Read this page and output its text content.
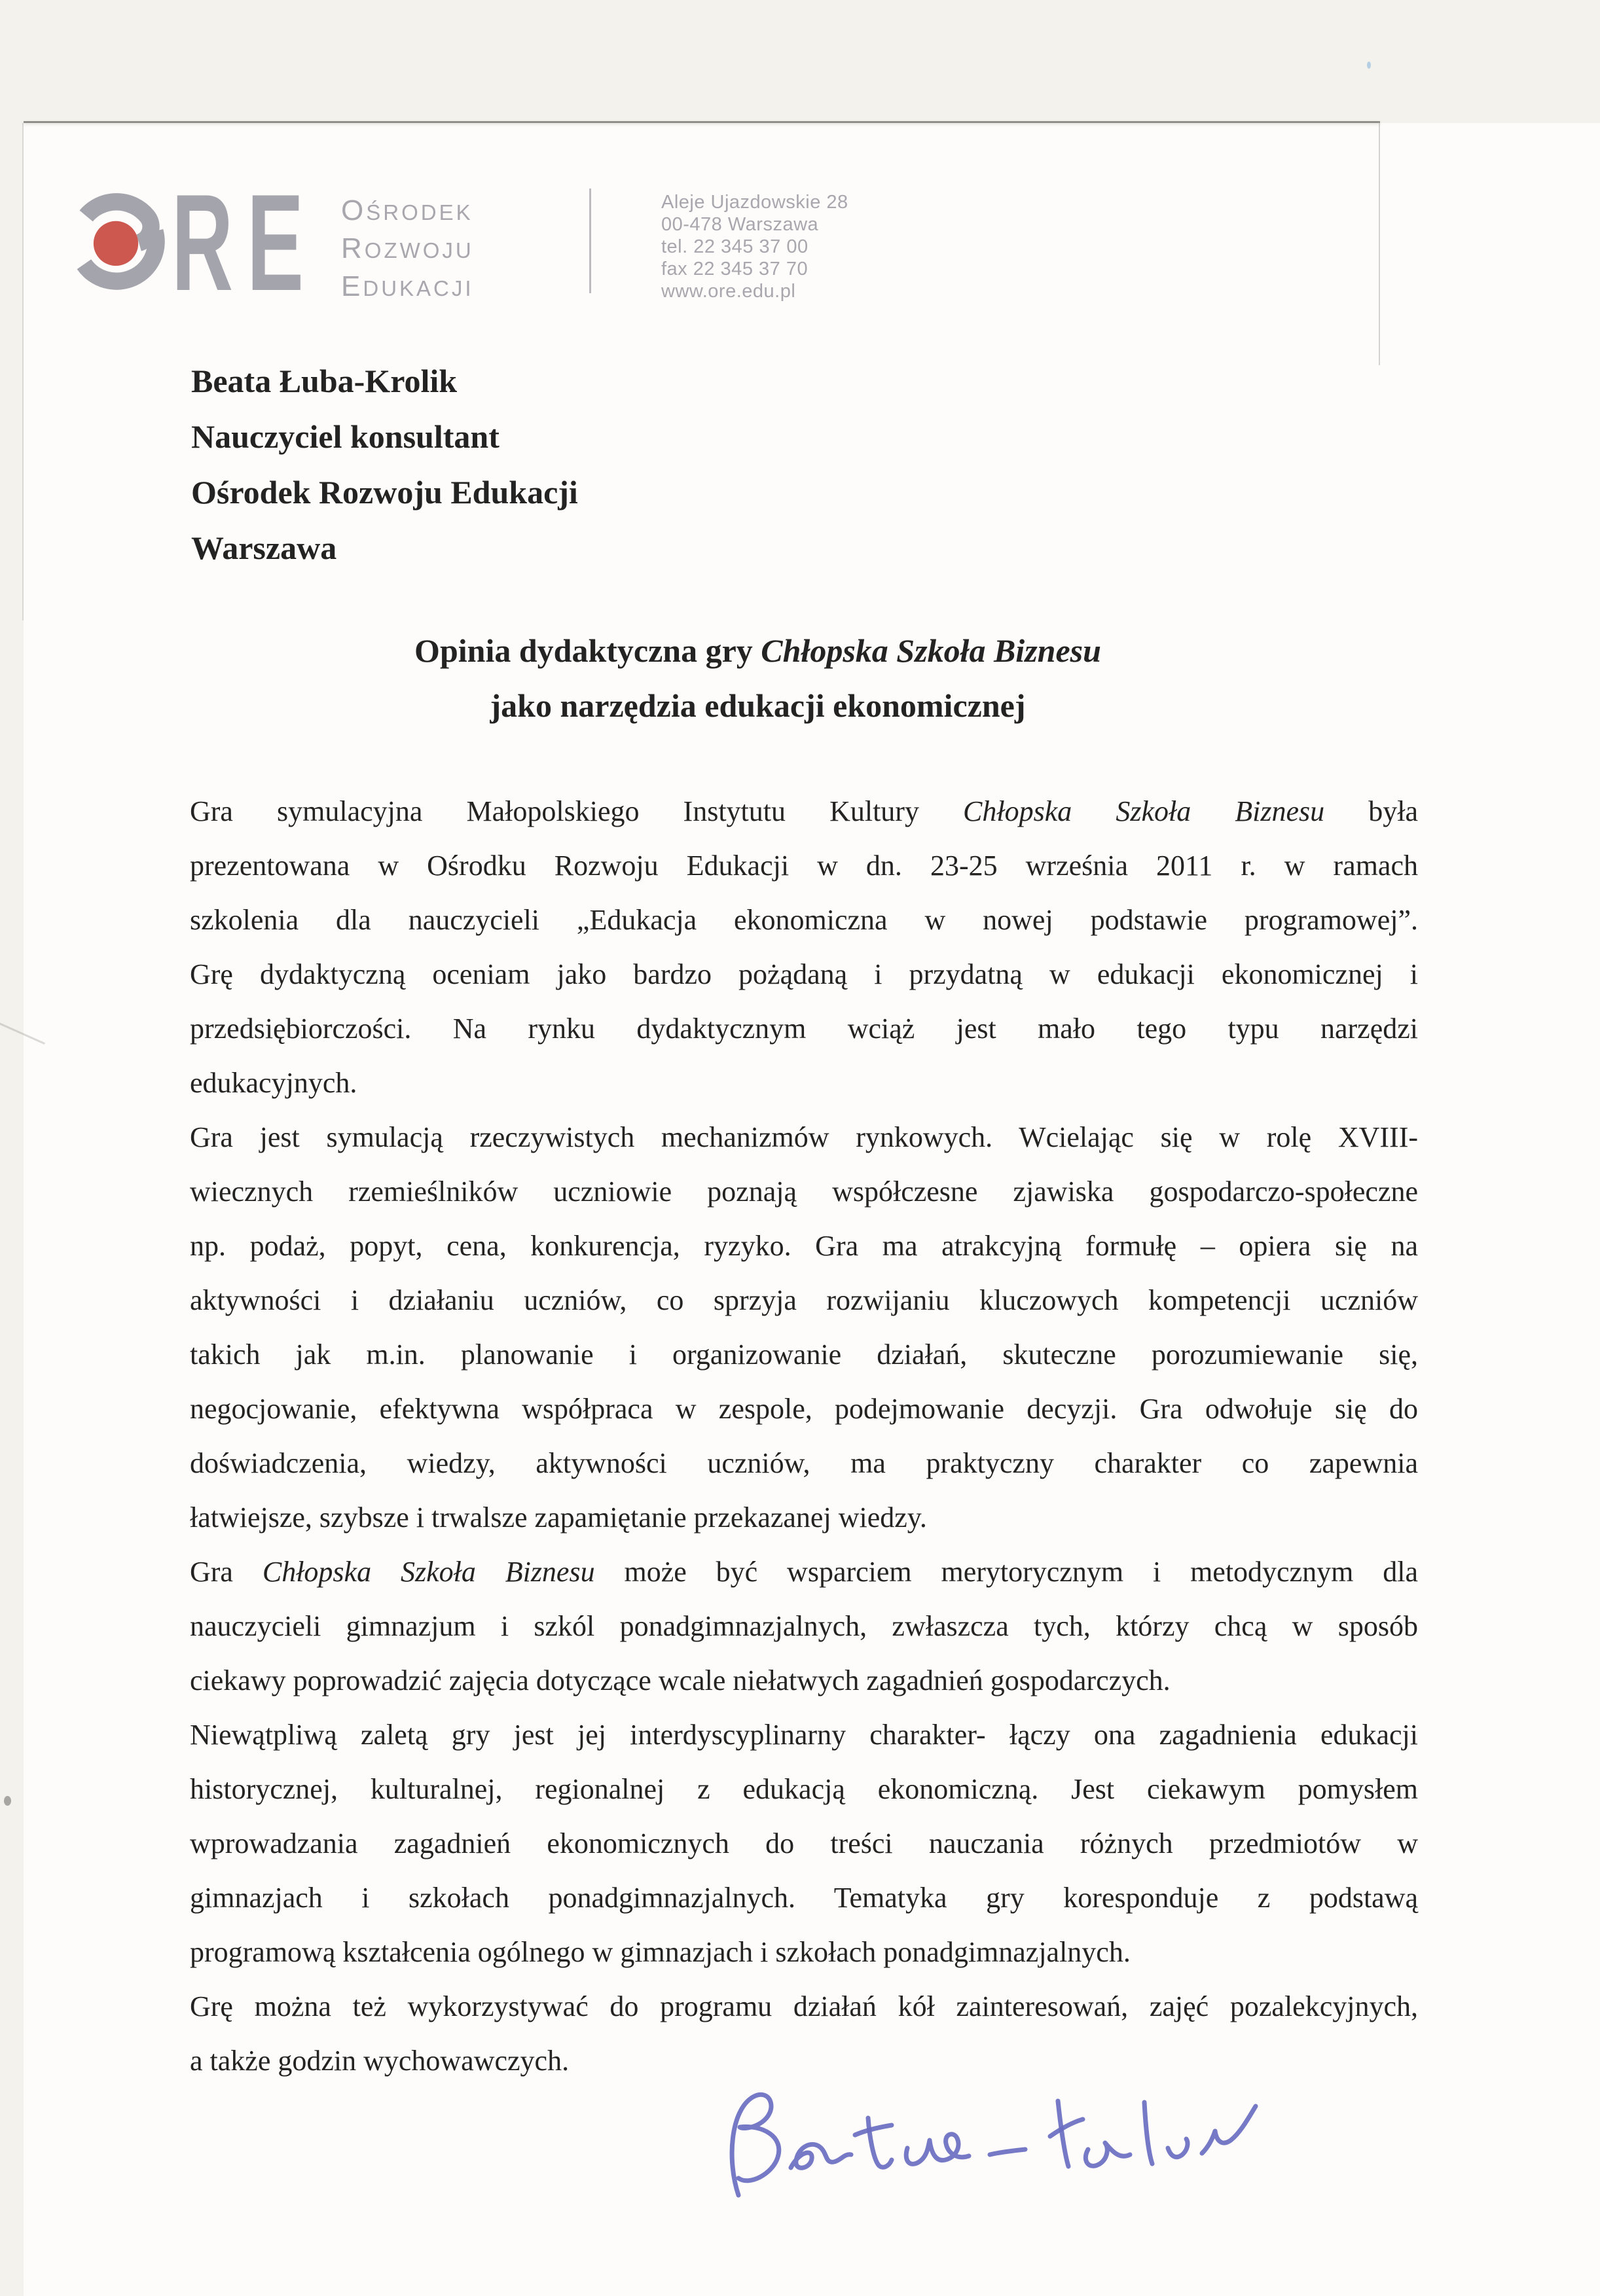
RE OŚRODEK
ROZWOJU
EDUKACJI
Aleje Ujazdowskie 28
00-478 Warszawa
tel. 22 345 37 00
fax 22 345 37 70
www.ore.edu.pl
Beata Łuba-Krolik
Nauczyciel konsultant
Ośrodek Rozwoju Edukacji
Warszawa
Opinia dydaktyczna gry Chłopska Szkoła Biznesu
jako narzędzia edukacji ekonomicznej
Gra symulacyjna Małopolskiego Instytutu Kultury Chłopska Szkoła Biznesu była
prezentowana w Ośrodku Rozwoju Edukacji w dn. 23-25 września 2011 r. w ramach
szkolenia dla nauczycieli „Edukacja ekonomiczna w nowej podstawie programowej”.
Grę dydaktyczną oceniam jako bardzo pożądaną i przydatną w edukacji ekonomicznej i
przedsiębiorczości. Na rynku dydaktycznym wciąż jest mało tego typu narzędzi
edukacyjnych.
Gra jest symulacją rzeczywistych mechanizmów rynkowych. Wcielając się w rolę XVIII-
wiecznych rzemieślników uczniowie poznają współczesne zjawiska gospodarczo-społeczne
np. podaż, popyt, cena, konkurencja, ryzyko. Gra ma atrakcyjną formułę – opiera się na
aktywności i działaniu uczniów, co sprzyja rozwijaniu kluczowych kompetencji uczniów
takich jak m.in. planowanie i organizowanie działań, skuteczne porozumiewanie się,
negocjowanie, efektywna współpraca w zespole, podejmowanie decyzji. Gra odwołuje się do
doświadczenia, wiedzy, aktywności uczniów, ma praktyczny charakter co zapewnia
łatwiejsze, szybsze i trwalsze zapamiętanie przekazanej wiedzy.
Gra Chłopska Szkoła Biznesu może być wsparciem merytorycznym i metodycznym dla
nauczycieli gimnazjum i szkól ponadgimnazjalnych, zwłaszcza tych, którzy chcą w sposób
ciekawy poprowadzić zajęcia dotyczące wcale niełatwych zagadnień gospodarczych.
Niewątpliwą zaletą gry jest jej interdyscyplinarny charakter- łączy ona zagadnienia edukacji
historycznej, kulturalnej, regionalnej z edukacją ekonomiczną. Jest ciekawym pomysłem
wprowadzania zagadnień ekonomicznych do treści nauczania różnych przedmiotów w
gimnazjach i szkołach ponadgimnazjalnych. Tematyka gry koresponduje z podstawą
programową kształcenia ogólnego w gimnazjach i szkołach ponadgimnazjalnych.
Grę można też wykorzystywać do programu działań kół zainteresowań, zajęć pozalekcyjnych,
a także godzin wychowawczych.
